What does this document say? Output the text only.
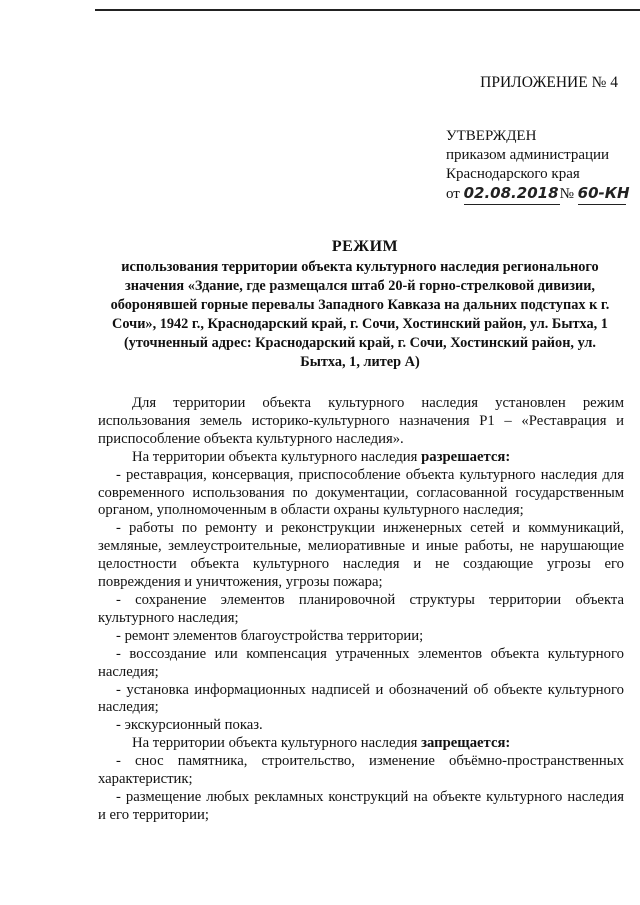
ПРИЛОЖЕНИЕ № 4
УТВЕРЖДЕН
приказом администрации
Краснодарского края
от 02.08.2018№ 60-КН
РЕЖИМ
использования территории объекта культурного наследия регионального значения «Здание, где размещался штаб 20-й горно-стрелковой дивизии, оборонявшей горные перевалы Западного Кавказа на дальних подступах к г. Сочи», 1942 г., Краснодарский край, г. Сочи, Хостинский район, ул. Бытха, 1 (уточненный адрес: Краснодарский край, г. Сочи, Хостинский район, ул. Бытха, 1, литер А)

Для территории объекта культурного наследия установлен режим использования земель историко-культурного назначения Р1 – «Реставрация и приспособление объекта культурного наследия».

На территории объекта культурного наследия разрешается:

- реставрация, консервация, приспособление объекта культурного наследия для современного использования по документации, согласованной государственным органом, уполномоченным в области охраны культурного наследия;

- работы по ремонту и реконструкции инженерных сетей и коммуникаций, земляные, землеустроительные, мелиоративные и иные работы, не нарушающие целостности объекта культурного наследия и не создающие угрозы его повреждения и уничтожения, угрозы пожара;

- сохранение элементов планировочной структуры территории объекта культурного наследия;

- ремонт элементов благоустройства территории;

- воссоздание или компенсация утраченных элементов объекта культурного наследия;

- установка информационных надписей и обозначений об объекте культурного наследия;

- экскурсионный показ.

На территории объекта культурного наследия запрещается:

- снос памятника, строительство, изменение объёмно-пространственных характеристик;

- размещение любых рекламных конструкций на объекте культурного наследия и его территории;
